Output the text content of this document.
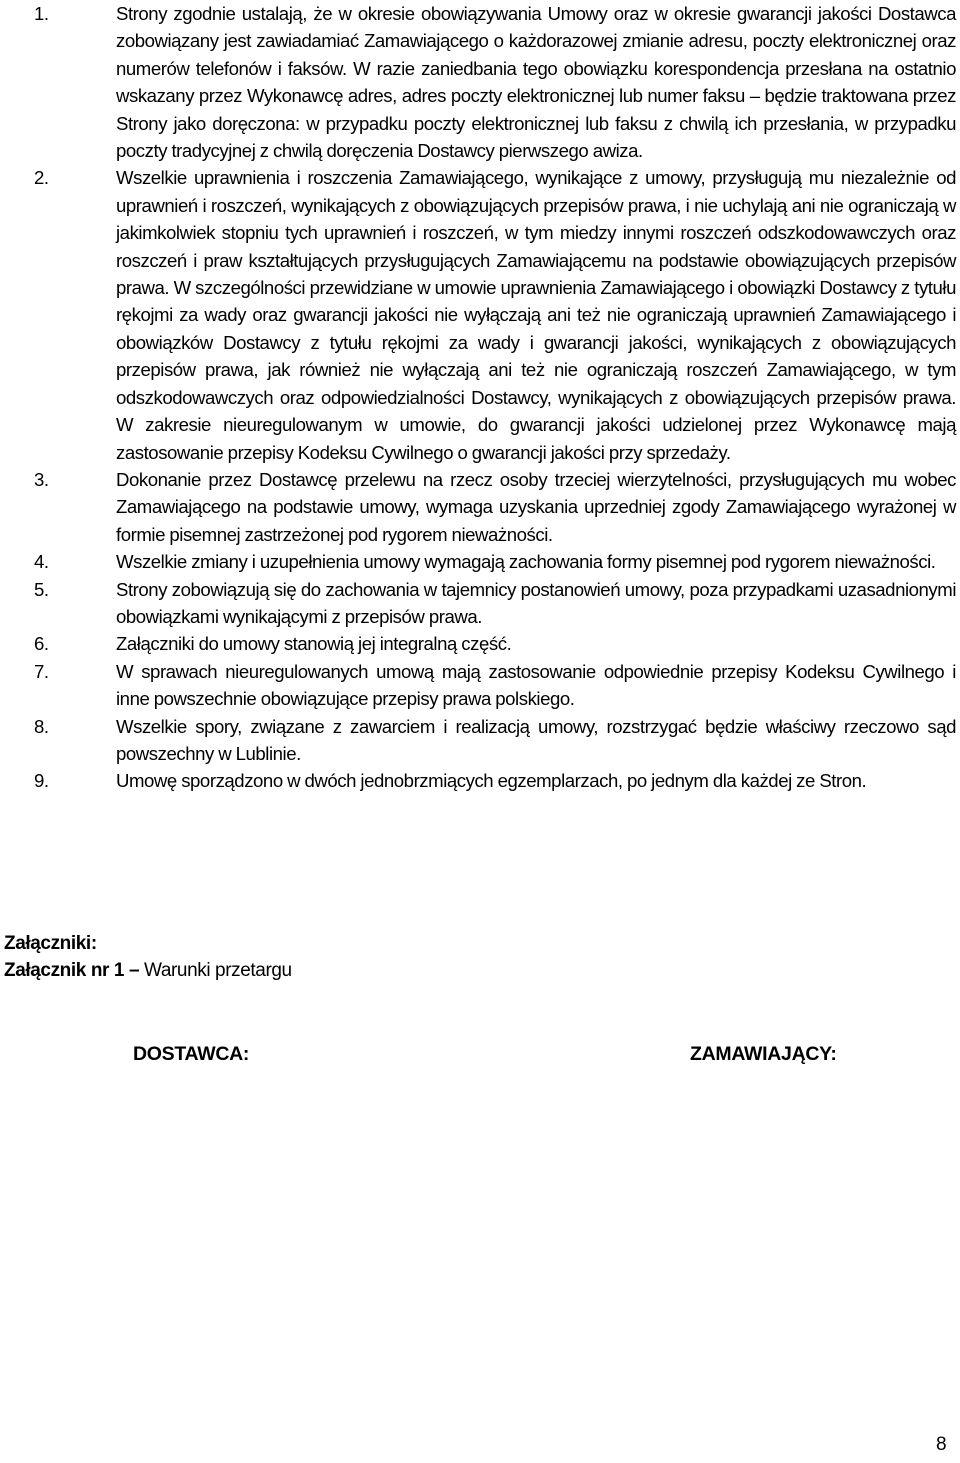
1.	Strony zgodnie ustalają, że w okresie obowiązywania Umowy oraz w okresie gwarancji jakości Dostawca zobowiązany jest zawiadamiać Zamawiającego o każdorazowej zmianie adresu, poczty elektronicznej oraz numerów telefonów i faksów. W razie zaniedbania tego obowiązku korespondencja przesłana na ostatnio wskazany przez Wykonawcę adres, adres poczty elektronicznej lub numer faksu – będzie traktowana przez Strony jako doręczona: w przypadku poczty elektronicznej lub faksu z chwilą ich przesłania, w przypadku poczty tradycyjnej z chwilą doręczenia Dostawcy pierwszego awiza.
2.	Wszelkie uprawnienia i roszczenia Zamawiającego, wynikające z umowy, przysługują mu niezależnie od uprawnień i roszczeń, wynikających z obowiązujących przepisów prawa, i nie uchylają ani nie ograniczają w jakimkolwiek stopniu tych uprawnień i roszczeń, w tym miedzy innymi roszczeń odszkodowawczych oraz roszczeń i praw kształtujących przysługujących Zamawiającemu na podstawie obowiązujących przepisów prawa. W szczególności przewidziane w umowie uprawnienia Zamawiającego i obowiązki Dostawcy z tytułu rękojmi za wady oraz gwarancji jakości nie wyłączają ani też nie ograniczają uprawnień Zamawiającego i obowiązków Dostawcy z tytułu rękojmi za wady i gwarancji jakości, wynikających z obowiązujących przepisów prawa, jak również nie wyłączają ani też nie ograniczają roszczeń Zamawiającego, w tym odszkodowawczych oraz odpowiedzialności Dostawcy, wynikających z obowiązujących przepisów prawa. W zakresie nieuregulowanym w umowie, do gwarancji jakości udzielonej przez Wykonawcę mają zastosowanie przepisy Kodeksu Cywilnego o gwarancji jakości przy sprzedaży.
3.	Dokonanie przez Dostawcę przelewu na rzecz osoby trzeciej wierzytelności, przysługujących mu wobec Zamawiającego na podstawie umowy, wymaga uzyskania uprzedniej zgody Zamawiającego wyrażonej w formie pisemnej zastrzeżonej pod rygorem nieważności.
4.	Wszelkie zmiany i uzupełnienia umowy wymagają zachowania formy pisemnej pod rygorem nieważności.
5.	Strony zobowiązują się do zachowania w tajemnicy postanowień umowy, poza przypadkami uzasadnionymi obowiązkami wynikającymi z przepisów prawa.
6.	Załączniki do umowy stanowią jej integralną część.
7.	W sprawach nieuregulowanych umową mają zastosowanie odpowiednie przepisy Kodeksu Cywilnego i inne powszechnie obowiązujące przepisy prawa polskiego.
8.	Wszelkie spory, związane z zawarciem i realizacją umowy, rozstrzygać będzie właściwy rzeczowo sąd powszechny w Lublinie.
9.	Umowę sporządzono w dwóch jednobrzmiących egzemplarzach, po jednym dla każdej ze Stron.
Załączniki:
Załącznik nr 1 – Warunki przetargu
DOSTAWCA:	ZAMAWIAJĄCY:
8
